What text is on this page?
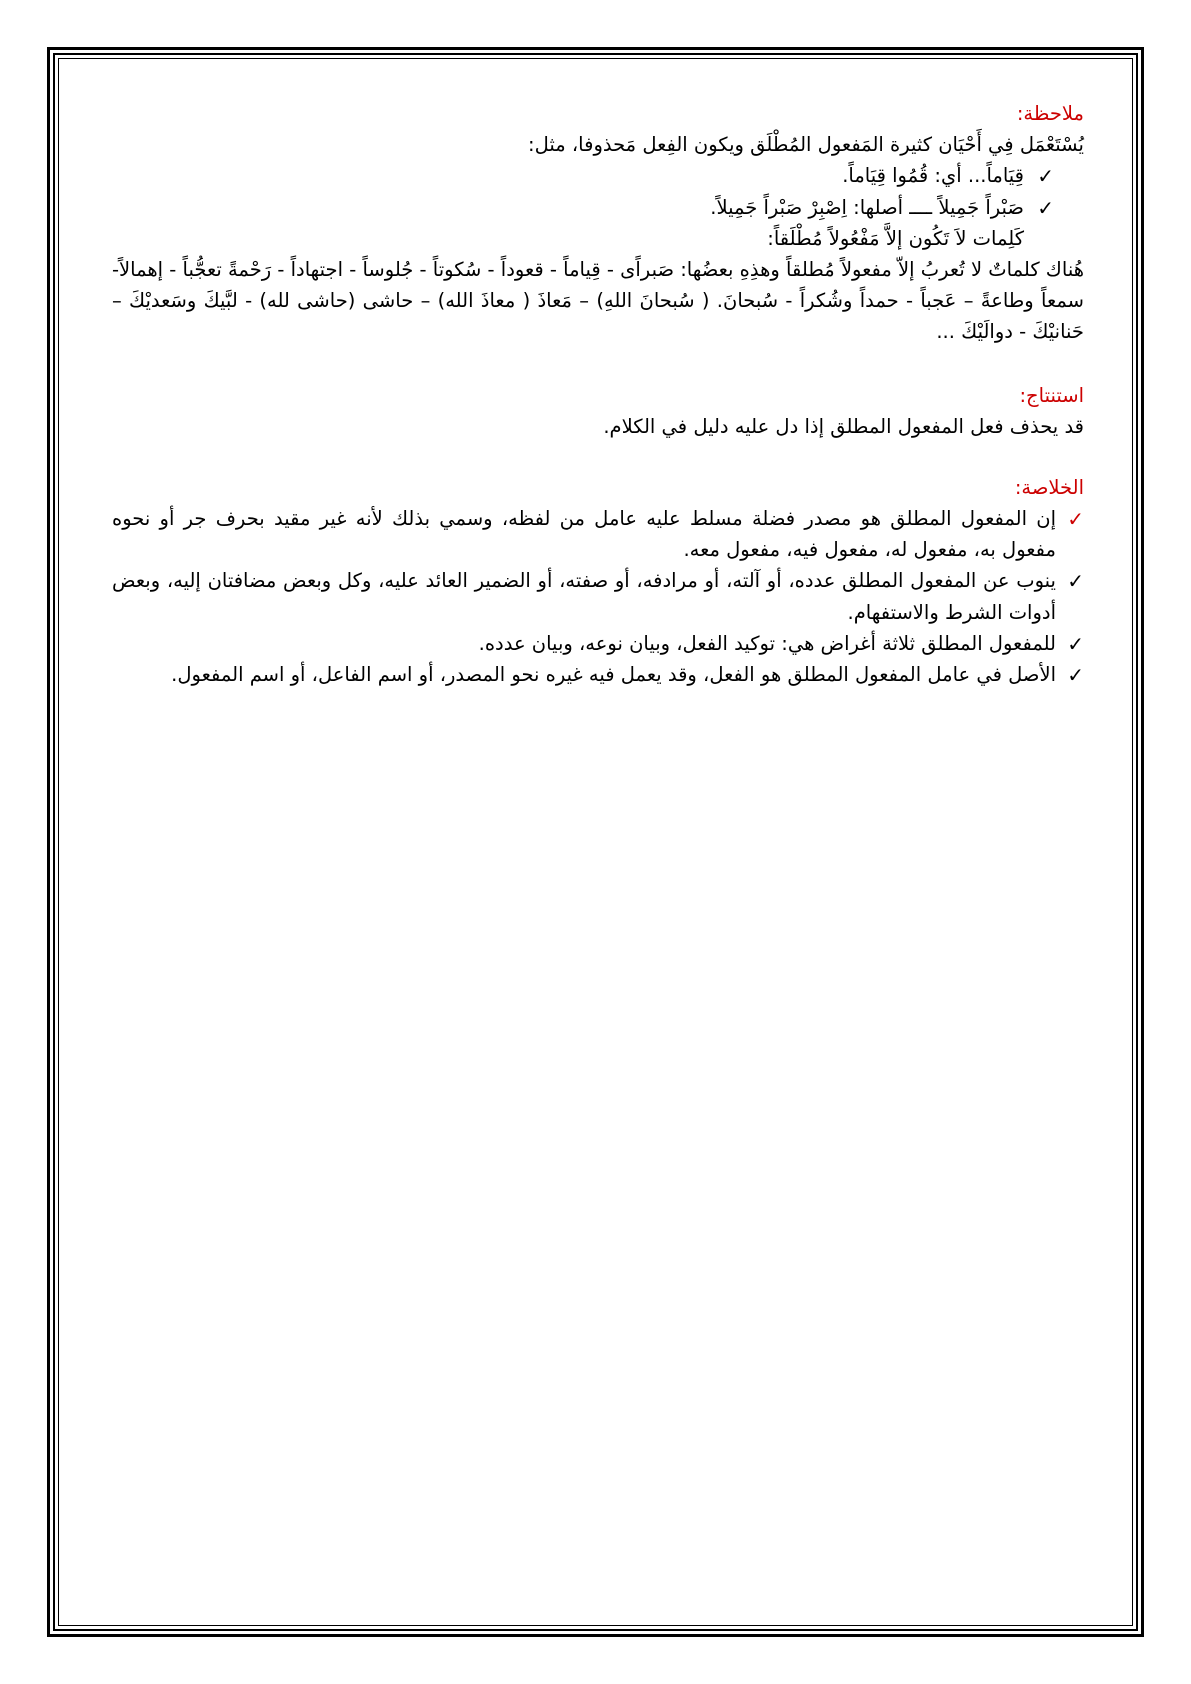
ملاحظة:

يُسْتَعْمَل فِي أَحْيَان كثيرة المَفعول المُطْلَق ويكون الفِعل مَحذوفا، مثل:

✓
قِيَاماً... أي: قُمُوا قِيَاماً.
✓
صَبْراً جَمِيلاً ــــ أصلها: اِصْبِرْ صَبْراً جَمِيلاً.

كَلِمات لاَ تَكُون إلاَّ مَفْعُولاً مُطْلَقاً:

هُناك كلماتٌ لا تُعربُ إلاّ مفعولاً مُطلقاً وهذِهِ بعضُها: صَبراًى - قِياماً - قعوداً - سُكوتاً - جُلوساً - اجتهاداً - رَحْمةً تعجُّباً - إهمالاً- سمعاً وطاعةً – عَجباً - حمداً وشُكراً - سُبحانَ. ( سُبحانَ اللهِ) – مَعاذَ ( معاذَ الله) – حاشى (حاشى لله) - لبَّيكَ وسَعديْكَ – حَنانيْكَ - دوالَيْكَ ...

استنتاج:

قد يحذف فعل المفعول المطلق إذا دل عليه دليل في الكلام.

الخلاصة:

✓
إن المفعول المطلق هو مصدر فضلة مسلط عليه عامل من لفظه، وسمي بذلك لأنه غير مقيد بحرف جر أو نحوه مفعول به، مفعول له، مفعول فيه، مفعول معه.
✓
ينوب عن المفعول المطلق عدده، أو آلته، أو مرادفه، أو صفته، أو الضمير العائد عليه، وكل وبعض مضافتان إليه، وبعض أدوات الشرط والاستفهام.
✓
للمفعول المطلق ثلاثة أغراض هي: توكيد الفعل، وبيان نوعه، وبيان عدده.
✓
الأصل في عامل المفعول المطلق هو الفعل، وقد يعمل فيه غيره نحو المصدر، أو اسم الفاعل، أو اسم المفعول.
